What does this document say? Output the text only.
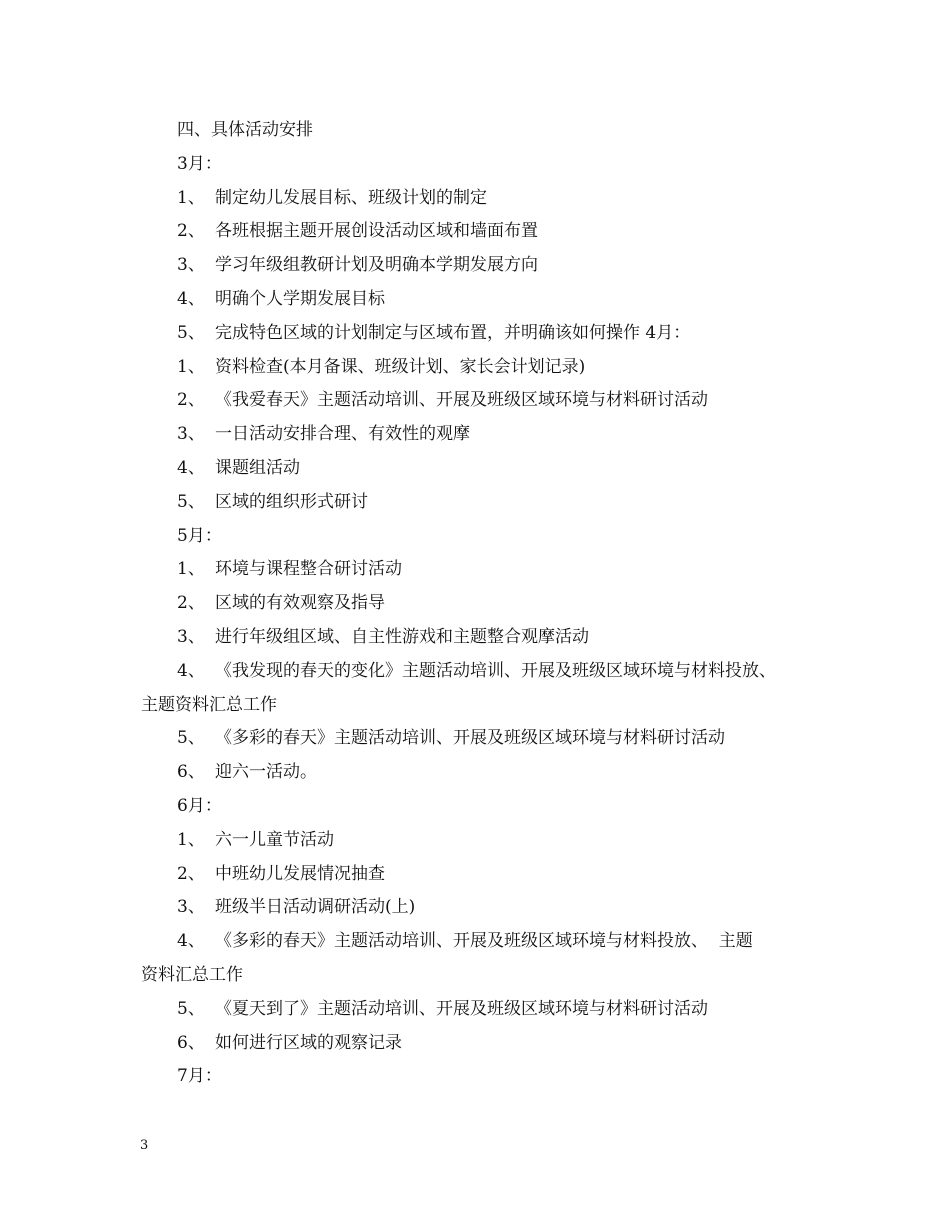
四、具体活动安排
3月：
1、 制定幼儿发展目标、班级计划的制定
2、 各班根据主题开展创设活动区域和墙面布置
3、 学习年级组教研计划及明确本学期发展方向
4、 明确个人学期发展目标
5、 完成特色区域的计划制定与区域布置，并明确该如何操作 4月：
1、 资料检查(本月备课、班级计划、家长会计划记录)
2、 《我爱春天》主题活动培训、开展及班级区域环境与材料研讨活动
3、 一日活动安排合理、有效性的观摩
4、 课题组活动
5、 区域的组织形式研讨
5月：
1、 环境与课程整合研讨活动
2、 区域的有效观察及指导
3、 进行年级组区域、自主性游戏和主题整合观摩活动
4、 《我发现的春天的变化》主题活动培训、开展及班级区域环境与材料投放、
主题资料汇总工作
5、 《多彩的春天》主题活动培训、开展及班级区域环境与材料研讨活动
6、 迎六一活动。
6月：
1、 六一儿童节活动
2、 中班幼儿发展情况抽查
3、 班级半日活动调研活动(上)
4、 《多彩的春天》主题活动培训、开展及班级区域环境与材料投放、  主题
资料汇总工作
5、 《夏天到了》主题活动培训、开展及班级区域环境与材料研讨活动
6、 如何进行区域的观察记录
7月：
3
